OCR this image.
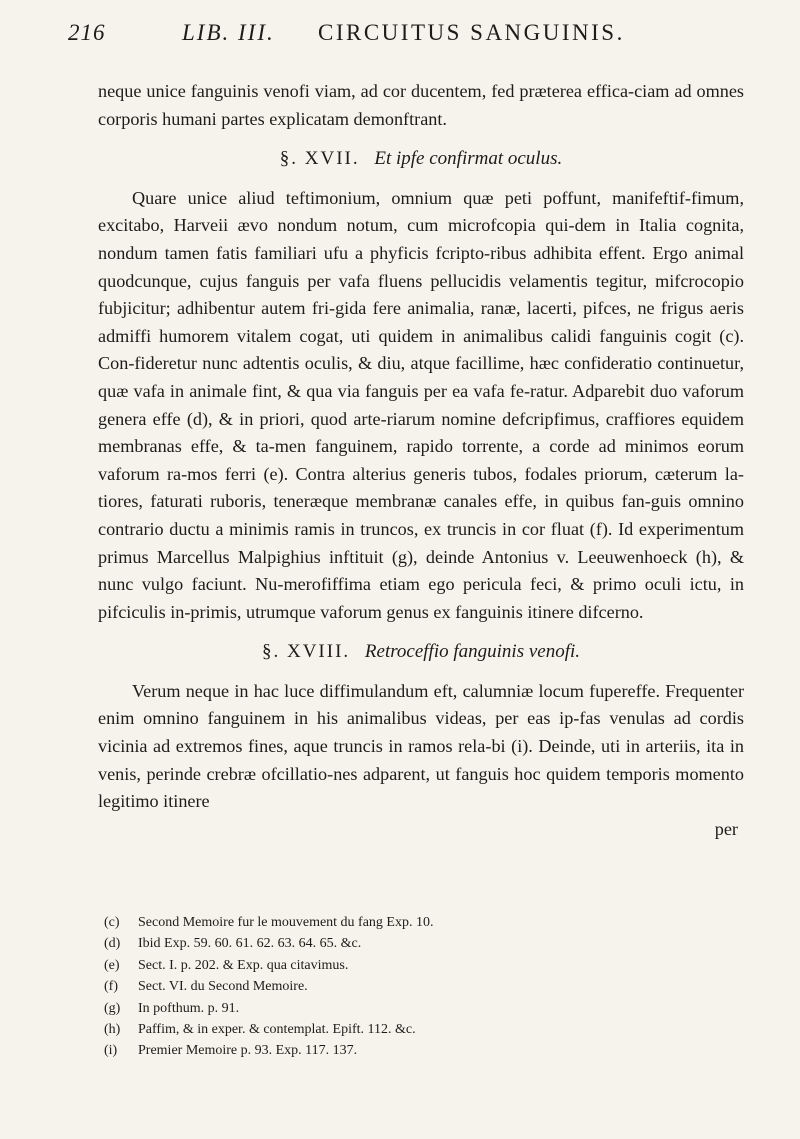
216	LIB. III. CIRCUITUS SANGUINIS.

neque unice fanguinis venofi viam, ad cor ducentem, fed præterea effica-ciam ad omnes corporis humani partes explicatam demonftrant.

§. XVII. Et ipfe confirmat oculus.

Quare unice aliud teftimonium, omnium quæ peti poffunt, manifeftif-fimum, excitabo, Harveii ævo nondum notum, cum microfcopia qui-dem in Italia cognita, nondum tamen fatis familiari ufu a phyficis fcripto-ribus adhibita effent. Ergo animal quodcunque, cujus fanguis per vafa fluens pellucidis velamentis tegitur, mifcrocopio fubjicitur; adhibentur autem fri-gida fere animalia, ranæ, lacerti, pifces, ne frigus aeris admiffi humorem vitalem cogat, uti quidem in animalibus calidi fanguinis cogit (c). Con-fideretur nunc adtentis oculis, & diu, atque facillime, hæc confideratio continuetur, quæ vafa in animale fint, & qua via fanguis per ea vafa fe-ratur. Adparebit duo vaforum genera effe (d), & in priori, quod arte-riarum nomine defcripfimus, craffiores equidem membranas effe, & ta-men fanguinem, rapido torrente, a corde ad minimos eorum vaforum ra-mos ferri (e). Contra alterius generis tubos, fodales priorum, cæterum la-tiores, faturati ruboris, teneræque membranæ canales effe, in quibus fan-guis omnino contrario ductu a minimis ramis in truncos, ex truncis in cor fluat (f). Id experimentum primus Marcellus Malpighius inftituit (g), deinde Antonius v. Leeuwenhoeck (h), & nunc vulgo faciunt. Nu-merofiffima etiam ego pericula feci, & primo oculi ictu, in pifciculis in-primis, utrumque vaforum genus ex fanguinis itinere difcerno.

§. XVIII. Retroceffio fanguinis venofi.

Verum neque in hac luce diffimulandum eft, calumniæ locum fupereffe. Frequenter enim omnino fanguinem in his animalibus videas, per eas ip-fas venulas ad cordis vicinia ad extremos fines, aque truncis in ramos rela-bi (i). Deinde, uti in arteriis, ita in venis, perinde crebræ ofcillatio-nes adparent, ut fanguis hoc quidem temporis momento legitimo itinere

per
(c) Second Memoire fur le mouvement du fang Exp. 10.
(d) Ibid Exp. 59. 60. 61. 62. 63. 64. 65. &c.
(e) Sect. I. p. 202. & Exp. qua citavimus.
(f) Sect. VI. du Second Memoire.
(g) In pofthum. p. 91.
(h) Paffim, & in exper. & contemplat. Epift. 112. &c.
(i) Premier Memoire p. 93. Exp. 117. 137.
